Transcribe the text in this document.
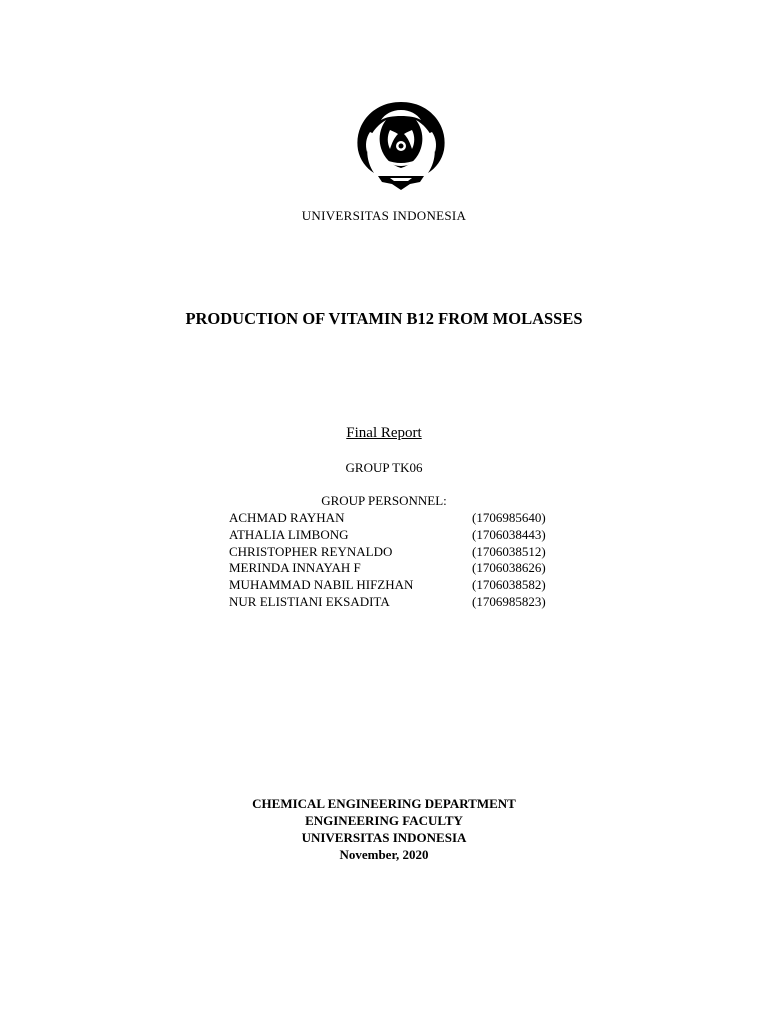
UNIVERSITAS INDONESIA
PRODUCTION OF VITAMIN B12 FROM MOLASSES
Final Report
GROUP TK06
GROUP PERSONNEL:
ACHMAD RAYHAN	(1706985640)
ATHALIA LIMBONG	(1706038443)
CHRISTOPHER REYNALDO	(1706038512)
MERINDA INNAYAH F	(1706038626)
MUHAMMAD NABIL HIFZHAN	(1706038582)
NUR ELISTIANI EKSADITA	(1706985823)
CHEMICAL ENGINEERING DEPARTMENT
ENGINEERING FACULTY
UNIVERSITAS INDONESIA
November, 2020
